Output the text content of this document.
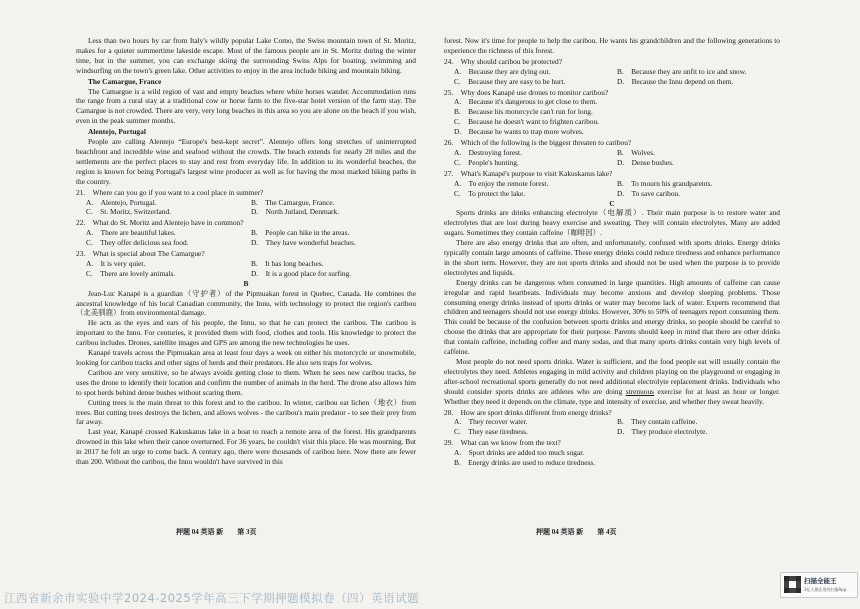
Less than two hours by car from Italy's wildly popular Lake Como, the Swiss mountain town of St. Moritz, makes for a quieter summertime lakeside escape. Most of the famous people are in St. Moritz during the winter time, but in the summer, you can exchange skiing the surrounding Swiss Alps for boating, swimming and windsurfing on the town's green lake. Other activities to enjoy in the area include hiking and mountain biking.

The Camargue, France

The Camargue is a wild region of vast and empty beaches where white horses wander. Accommodation runs the range from a rural stay at a traditional cow or horse farm to the five-star hotel version of the farm stay. The Camargue is not crowded. There are very, very long beaches in this area so you are alone on the beach if you wish, even in the peak summer months.

Alentejo, Portugal

People are calling Alentejo “Europe's best-kept secret”. Alentejo offers long stretches of uninterrupted beachfront and incredible wine and seafood without the crowds. The beach extends for nearly 28 miles and the settlements are the perfect places to stay and rest from everyday life. In addition to its wonderful beaches, the region is known for being Portugal's largest wine producer as well as for having the most marked hiking paths in the country.

21. Where can you go if you want to a cool place in summer?

A. Alentejo, Portugal.	B. The Camargue, France.
C. St. Moritz, Switzerland.	D. North Jutland, Denmark.

22. What do St. Moritz and Alentejo have in common?

A. There are beautiful lakes.	B. People can hike in the areas.
C. They offer delicious sea food.	D. They have wonderful beaches.

23. What is special about The Camargue?

A. It is very quiet.	B. It has long beaches.
C. There are lovely animals.	D. It is a good place for surfing.

B

Jean-Luc Kanapé is a guardian（守护者）of the Pipmuakan forest in Quebec, Canada. He combines the ancestral knowledge of his local Canadian community, the Innu, with technology to protect the region's caribou（北美驯鹿）from environmental damage.

He acts as the eyes and ears of his people, the Innu, so that he can protect the caribou. The caribou is important to the Innu. For centuries, it provided them with food, clothes and tools. His knowledge to protect the caribou includes. Drones, satellite images and GPS are among the new technologies he uses.

Kanapé travels across the Pipmuakan area at least four days a week on either his motorcycle or snowmobile, looking for caribou tracks and other signs of herds and their predators. He also sets traps for wolves.

Caribou are very sensitive, so he always avoids getting close to them. When he sees new caribou tracks, he uses the drone to identify their location and confirm the number of animals in the herd. The drone also allows him to spot herds behind dense bushes without scaring them.

Cutting trees is the main threat to this forest and to the caribou. In winter, caribou eat lichen（地衣）from trees. But cutting trees destroys the lichen, and allows wolves - the caribou's main predator - to see their prey from far away.

Last year, Kanapé crossed Kakuskanus lake in a boat to reach a remote area of the forest. His grandparents drowned in this lake when their canoe overturned. For 36 years, he couldn't visit this place. He was mourning. But in 2017 he felt an urge to come back. A century ago, there were thousands of caribou here. Now there are fewer than 200. Without the caribou, the Innu wouldn't have survived in this

押题 04 英语 新 第 3页

forest. Now it's time for people to help the caribou. He wants his grandchildren and the following generations to experience the richness of this forest.

24. Why should caribou be protected?

A. Because they are dying out.	B. Because they are unfit to ice and snow.
C. Because they are easy to be hurt.	D. Because the Innu depend on them.

25. Why does Kanapé use drones to monitor caribou?

A. Because it's dangerous to get close to them.

B. Because his motorcycle can't run for long.

C. Because he doesn't want to frighten caribou.

D. Because he wants to trap more wolves.

26. Which of the following is the biggest threaten to caribou?

A. Destroying forest.	B. Wolves.
C. People's hunting.	D. Dense bushes.

27. What's Kanapé's purpose to visit Kakuskanus lake?

A. To enjoy the remote forest.	B. To mourn his grandparents.
C. To protect the lake.	D. To save caribou.

C

Sports drinks are drinks enhancing electrolyte（电解质）. Their main purpose is to restore water and electrolytes that are lost during heavy exercise and sweating. They will contain electrolytes. Many are added sugars. Sometimes they contain caffeine（咖啡因）.

There are also energy drinks that are often, and unfortunately, confused with sports drinks. Energy drinks typically contain large amounts of caffeine. These energy drinks could reduce tiredness and enhance performance in the short term. However, they are not sports drinks and should not be used when the purpose is to provide electrolytes and liquids.

Energy drinks can be dangerous when consumed in large quantities. High amounts of caffeine can cause irregular and rapid heartbeats. Individuals may become anxious and develop sleeping problems. Those consuming energy drinks instead of sports drinks or water may become lack of water. Experts recommend that children and teenagers should not use energy drinks. However, 30% to 50% of teenagers report consuming them. This could be because of the confusion between sports drinks and energy drinks, so people should be careful to choose the drinks that are appropriate for their purpose. Parents should keep in mind that there are other drinks that contain caffeine, including coffee and many sodas, and that many sports drinks contain very high levels of caffeine.

Most people do not need sports drinks. Water is sufficient, and the food people eat will usually contain the electrolytes they need. Athletes engaging in mild activity and children playing on the playground or engaging in after-school recreational sports generally do not need additional electrolyte replacement drinks. Individuals who should consider sports drinks are athletes who are doing strenuous exercise for at least an hour or longer. Whether they need it depends on the climate, type and intensity of exercise, and whether they sweat heavily.

28. How are sport drinks different from energy drinks?

A. They recover water.	B. They contain caffeine.
C. They ease tiredness.	D. They produce electrolyte.

29. What can we know from the text?

A. Sport drinks are added too much sugar.

B. Energy drinks are used to reduce tiredness.

押题 04 英语 新 第 4页
江西省新余市实验中学2024-2025学年高三下学期押题模拟卷（四）英语试题
扫描全能王
3亿人都在用的扫描App
